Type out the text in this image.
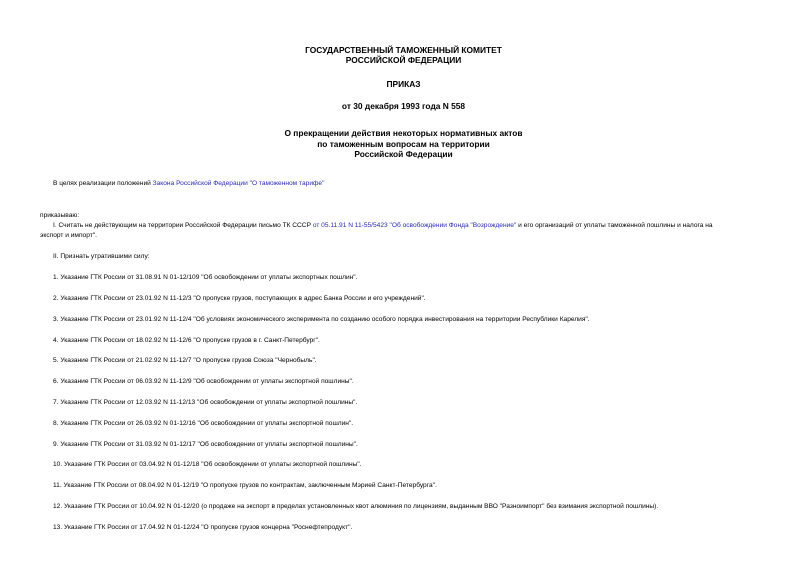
ГОСУДАРСТВЕННЫЙ ТАМОЖЕННЫЙ КОМИТЕТ
РОССИЙСКОЙ ФЕДЕРАЦИИ
ПРИКАЗ
от 30 декабря 1993 года N 558
О прекращении действия некоторых нормативных актов
по таможенным вопросам на территории
Российской Федерации
В целях реализации положений Закона Российской Федерации "О таможенном тарифе"
приказываю:
I. Считать не действующим на территории Российской Федерации письмо ТК СССР от 05.11.91 N 11-55/5423 "Об освобождении Фонда "Возрождение" и его организаций от уплаты таможенной пошлины и налога на
экспорт и импорт".
II. Признать утратившими силу:
1. Указание ГТК России от 31.08.91 N 01-12/109 "Об освобождении от уплаты экспортных пошлин".
2. Указание ГТК России от 23.01.92 N 11-12/3 "О пропуске грузов, поступающих в адрес Банка России и его учреждений".
3. Указание ГТК России от 23.01.92 N 11-12/4 "Об условиях экономического эксперимента по созданию особого порядка инвестирования на территории Республики Карелия".
4. Указание ГТК России от 18.02.92 N 11-12/6 "О пропуске грузов в г. Санкт-Петербург".
5. Указание ГТК России от 21.02.92 N 11-12/7 "О пропуске грузов Союза "Чернобыль".
6. Указание ГТК России от 06.03.92 N 11-12/9 "Об освобождении от уплаты экспортной пошлины".
7. Указание ГТК России от 12.03.92 N 11-12/13 "Об освобождении от уплаты экспортной пошлины".
8. Указание ГТК России от 26.03.92 N 01-12/16 "Об освобождении от уплаты экспортной пошлин".
9. Указание ГТК России от 31.03.92 N 01-12/17 "Об освобождении от уплаты экспортной пошлины".
10. Указание ГТК России от 03.04.92 N 01-12/18 "Об освобождении от уплаты экспортной пошлины".
11. Указание ГТК России от 08.04.92 N 01-12/19 "О пропуске грузов по контрактам, заключенным Мэрией Санкт-Петербурга".
12. Указание ГТК России от 10.04.92 N 01-12/20 (о продаже на экспорт в пределах установленных квот алюминия по лицензиям, выданным ВВО "Разноимпорт" без взимания экспортной пошлины).
13. Указание ГТК России от 17.04.92 N 01-12/24 "О пропуске грузов концерна "Роснефтепродукт".
